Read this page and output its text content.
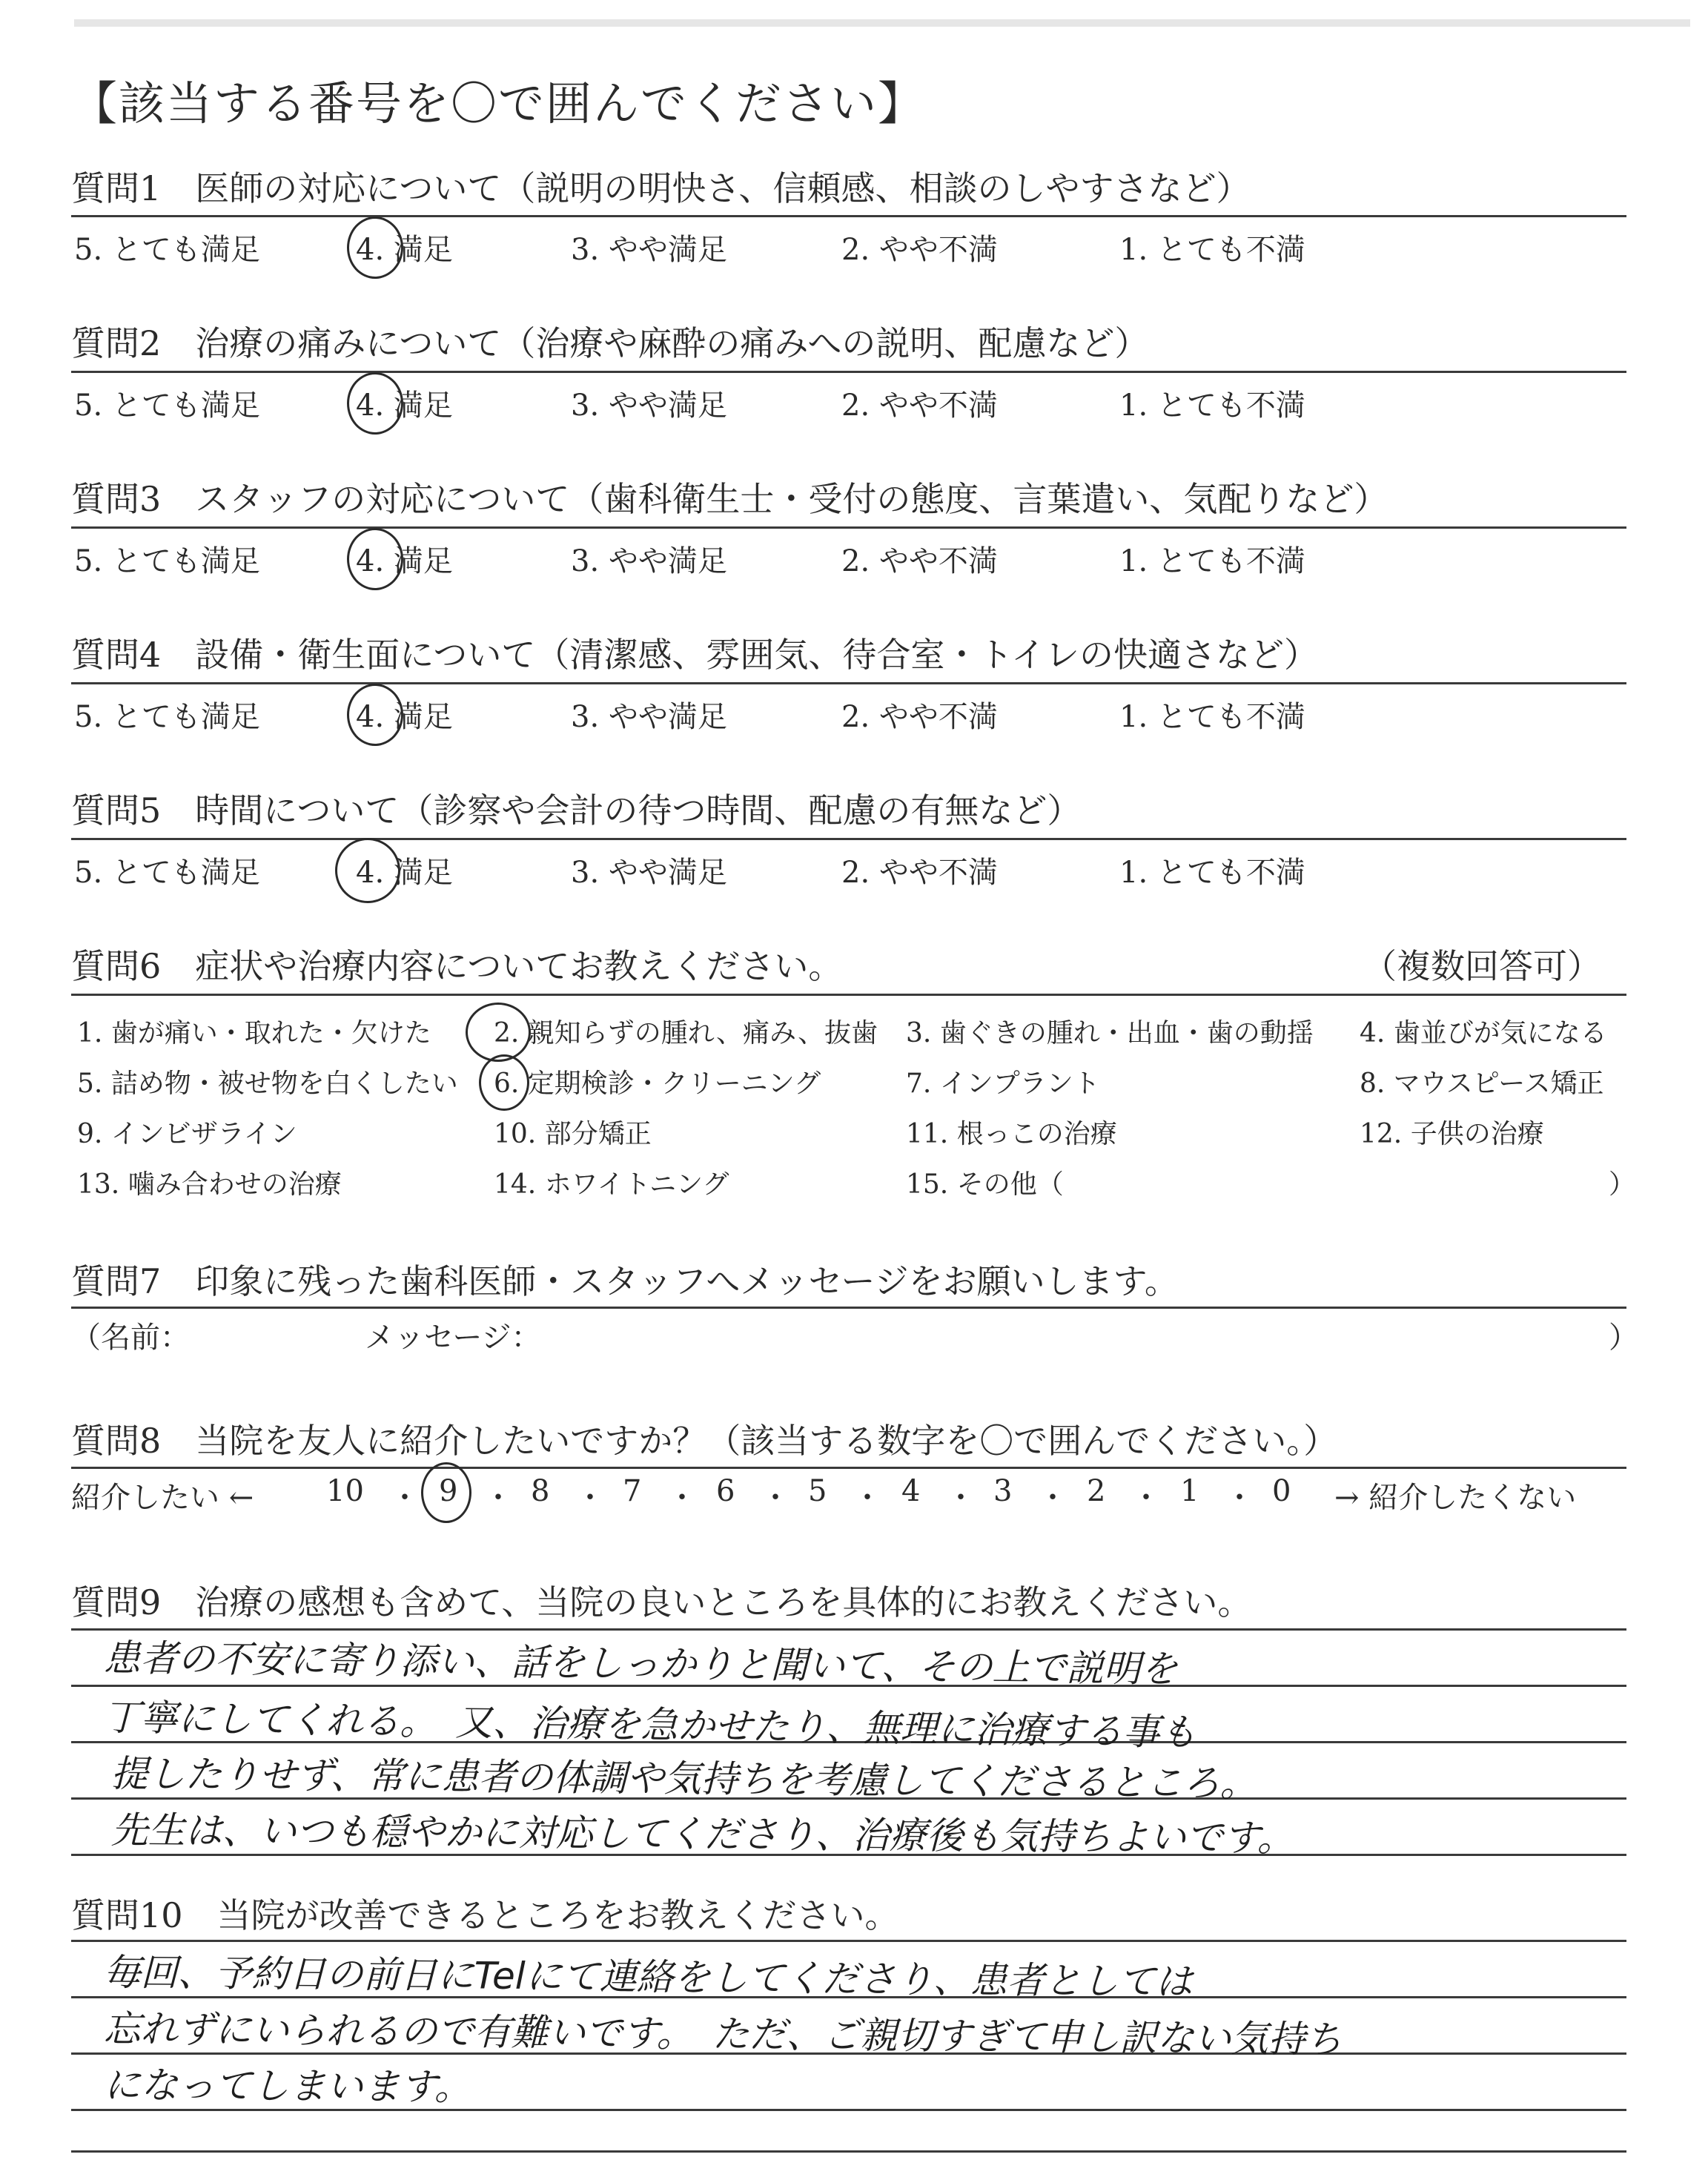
【該当する番号を〇で囲んでください】
質問1　医師の対応について（説明の明快さ、信頼感、相談のしやすさなど）
5. とても満足	4. 満足	3. やや満足	2. やや不満	1. とても不満
質問2　治療の痛みについて（治療や麻酔の痛みへの説明、配慮など）
5. とても満足	4. 満足	3. やや満足	2. やや不満	1. とても不満
質問3　スタッフの対応について（歯科衛生士・受付の態度、言葉遣い、気配りなど）
5. とても満足	4. 満足	3. やや満足	2. やや不満	1. とても不満
質問4　設備・衛生面について（清潔感、雰囲気、待合室・トイレの快適さなど）
5. とても満足	4. 満足	3. やや満足	2. やや不満	1. とても不満
質問5　時間について（診察や会計の待つ時間、配慮の有無など）
5. とても満足	4. 満足	3. やや満足	2. やや不満	1. とても不満
質問6　症状や治療内容についてお教えください。	（複数回答可）
1. 歯が痛い・取れた・欠けた 2. 親知らずの腫れ、痛み、抜歯 3. 歯ぐきの腫れ・出血・歯の動揺 4. 歯並びが気になる
5. 詰め物・被せ物を白くしたい 6. 定期検診・クリーニング	7. インプラント	8. マウスピース矯正
9. インビザライン	10. 部分矯正	11. 根っこの治療	12. 子供の治療
13. 噛み合わせの治療	14. ホワイトニング	15. その他（	）
質問7　印象に残った歯科医師・スタッフへメッセージをお願いします。
（名前：	メッセージ：	）
質問8　当院を友人に紹介したいですか？（該当する数字を〇で囲んでください。）
紹介したい ← 10 ・ 9 ・ 8 ・ 7 ・ 6 ・ 5 ・ 4 ・ 3 ・ 2 ・ 1 ・ 0 → 紹介したくない
質問9　治療の感想も含めて、当院の良いところを具体的にお教えください。
患者の不安に寄り添い、話をしっかりと聞いて、その上で説明を
丁寧にしてくれる。　又、治療を急かせたり、無理に治療する事も
提したりせず、常に患者の体調や気持ちを考慮してくださるところ。
先生は、いつも穏やかに対応してくださり、治療後も気持ちよいです。
質問10　当院が改善できるところをお教えください。
毎回、予約日の前日にTelにて連絡をしてくださり、患者としては
忘れずにいられるので有難いです。　ただ、ご親切すぎて申し訳ない気持ち
になってしまいます。
